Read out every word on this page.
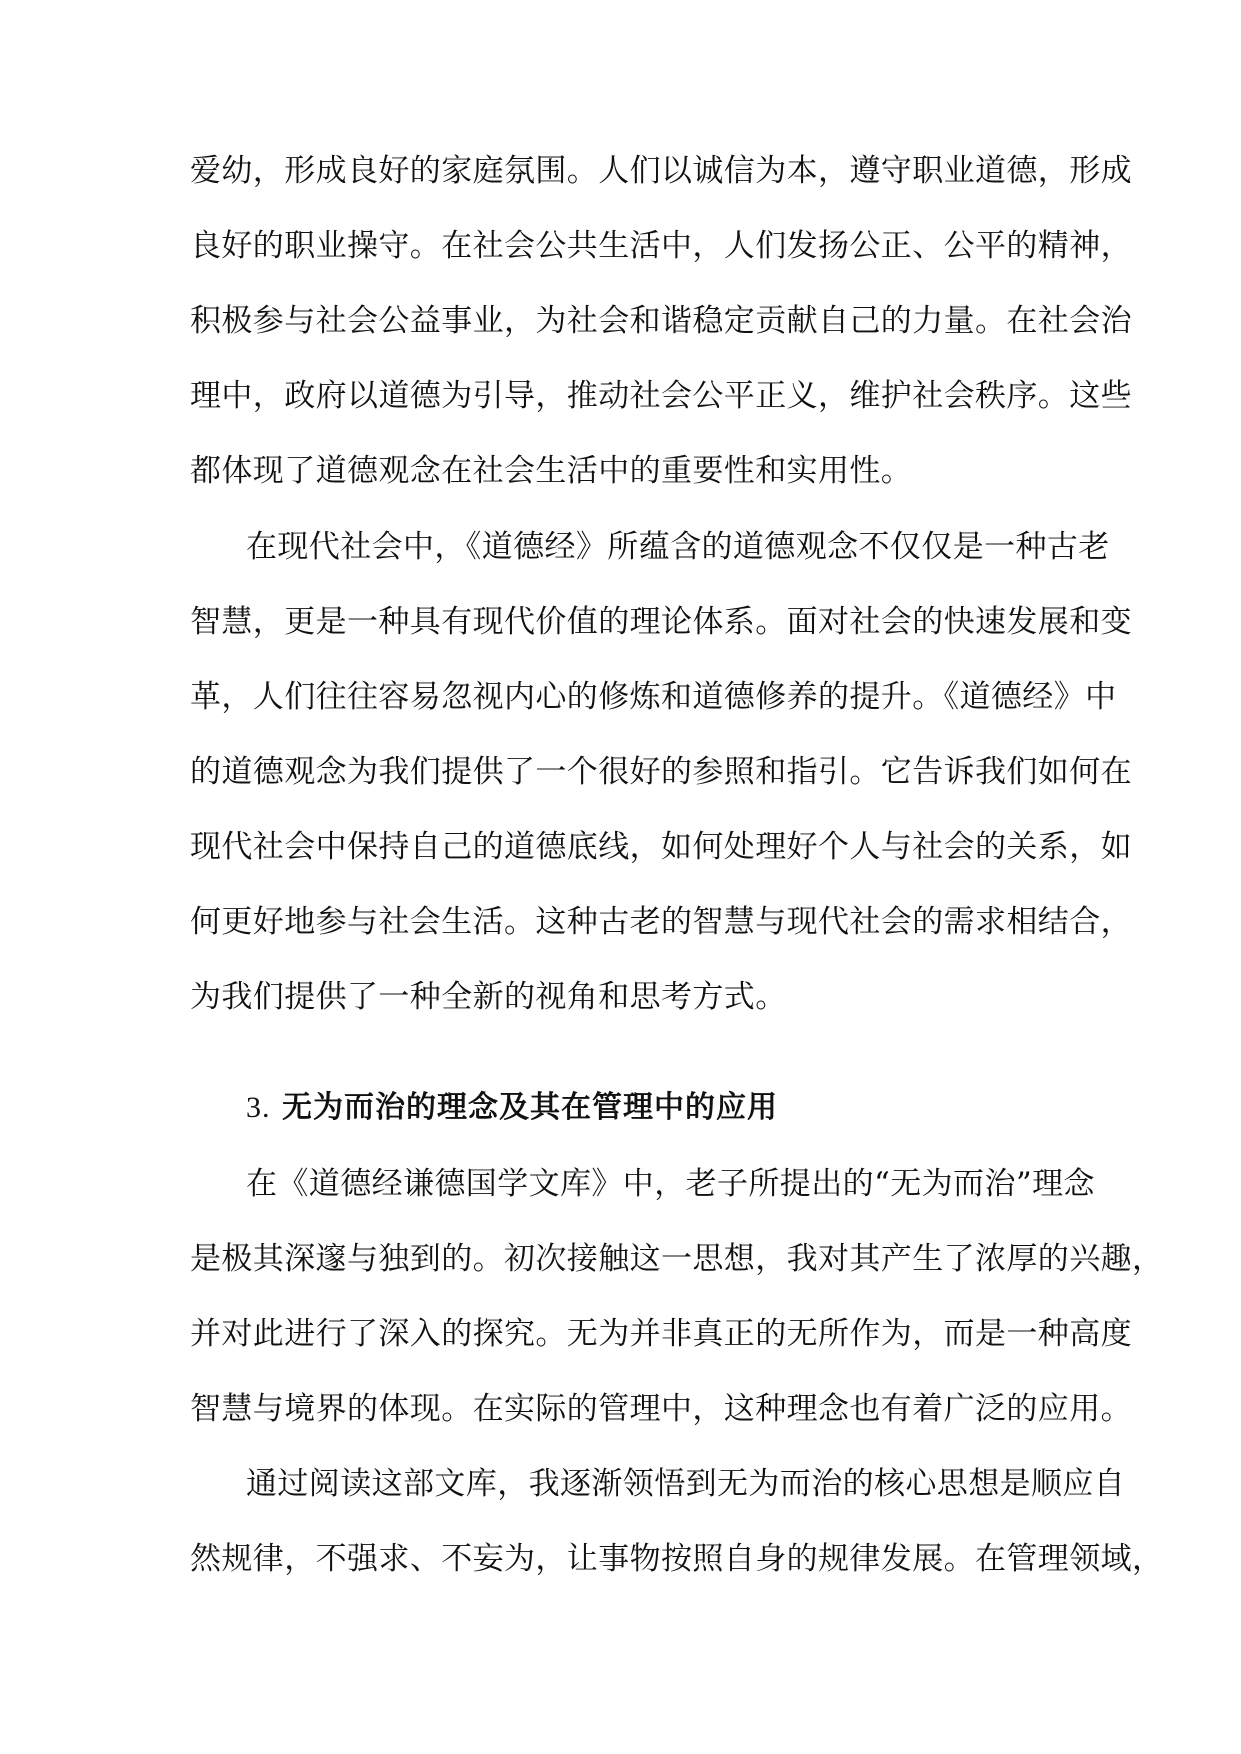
爱幼，形成良好的家庭氛围。人们以诚信为本，遵守职业道德，形成
良好的职业操守。在社会公共生活中，人们发扬公正、公平的精神，
积极参与社会公益事业，为社会和谐稳定贡献自己的力量。在社会治
理中，政府以道德为引导，推动社会公平正义，维护社会秩序。这些
都体现了道德观念在社会生活中的重要性和实用性。
在现代社会中，《道德经》所蕴含的道德观念不仅仅是一种古老
智慧，更是一种具有现代价值的理论体系。面对社会的快速发展和变
革，人们往往容易忽视内心的修炼和道德修养的提升。《道德经》中
的道德观念为我们提供了一个很好的参照和指引。它告诉我们如何在
现代社会中保持自己的道德底线，如何处理好个人与社会的关系，如
何更好地参与社会生活。这种古老的智慧与现代社会的需求相结合，
为我们提供了一种全新的视角和思考方式。
3. 无为而治的理念及其在管理中的应用
在《道德经谦德国学文库》中，老子所提出的“无为而治”理念
是极其深邃与独到的。初次接触这一思想，我对其产生了浓厚的兴趣，
并对此进行了深入的探究。无为并非真正的无所作为，而是一种高度
智慧与境界的体现。在实际的管理中，这种理念也有着广泛的应用。
通过阅读这部文库，我逐渐领悟到无为而治的核心思想是顺应自
然规律，不强求、不妄为，让事物按照自身的规律发展。在管理领域，
